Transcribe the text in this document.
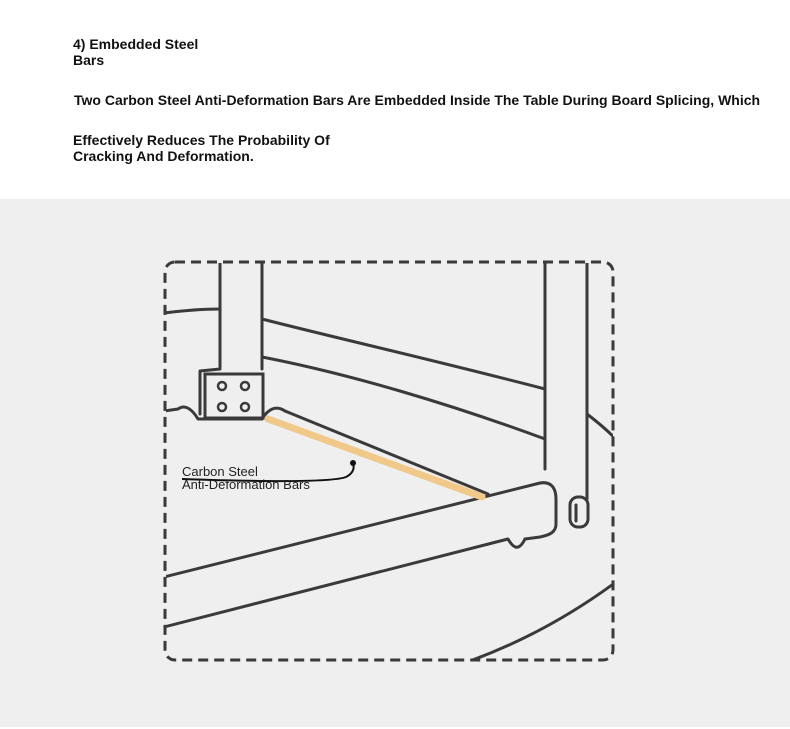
4) Embedded Steel
Bars
Two Carbon Steel Anti-Deformation Bars Are Embedded Inside The Table During Board Splicing, Which
Effectively Reduces The Probability Of
Cracking And Deformation.
Carbon Steel
Anti-Deformation Bars
